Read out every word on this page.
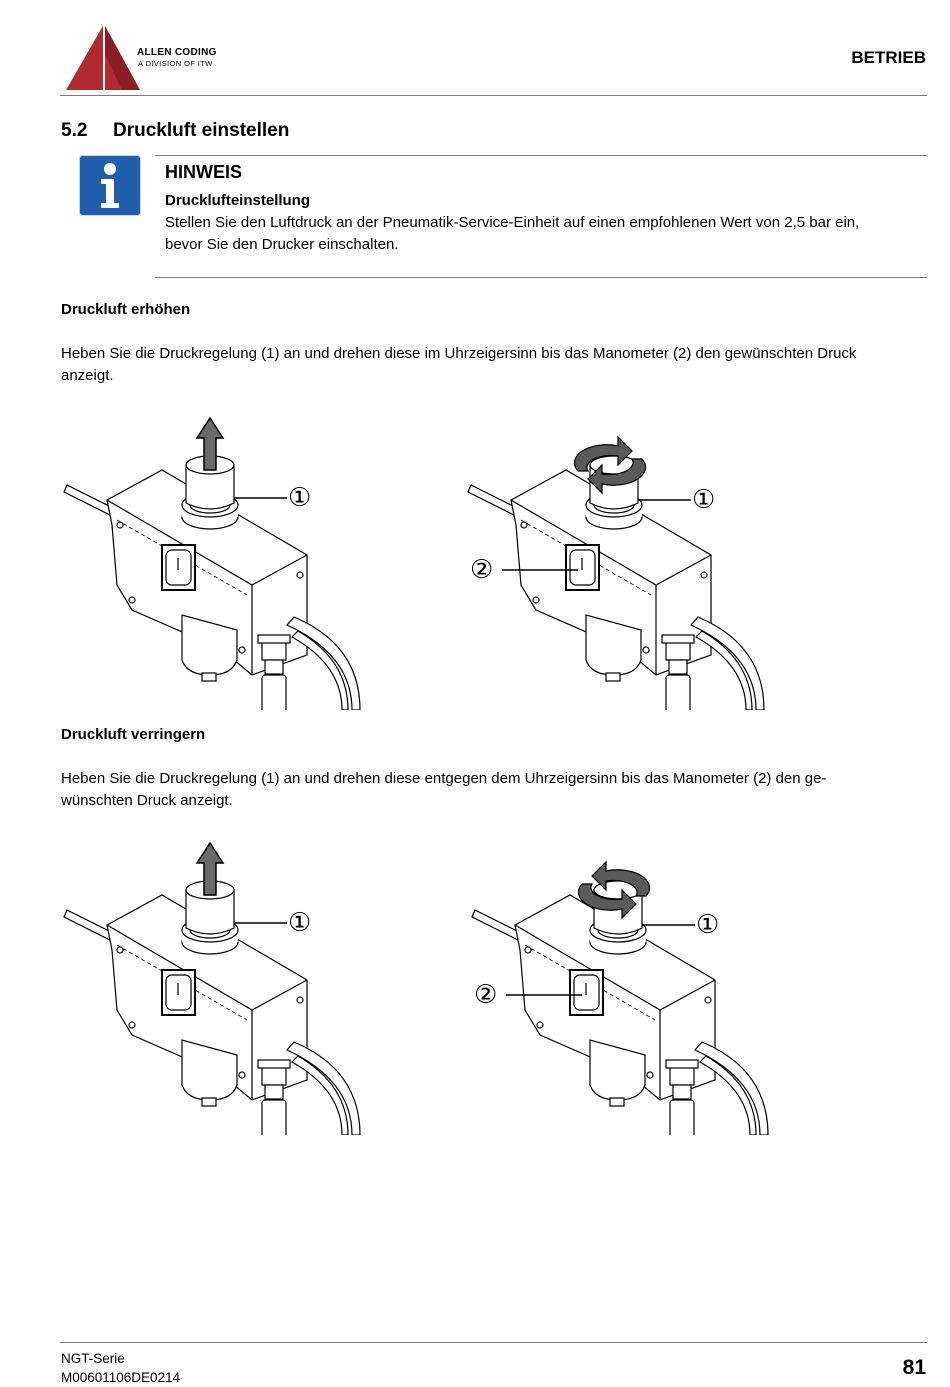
ALLEN CODING
A DIVISION OF ITW	BETRIEB
5.2 Druckluft einstellen
HINWEIS
Drucklufteinstellung
Stellen Sie den Luftdruck an der Pneumatik-Service-Einheit auf einen empfohlenen Wert von 2,5 bar ein,
bevor Sie den Drucker einschalten.
Druckluft erhöhen
Heben Sie die Druckregelung (1) an und drehen diese im Uhrzeigersinn bis das Manometer (2) den gewünschten Druck
anzeigt.
①	①
②
Druckluft verringern
Heben Sie die Druckregelung (1) an und drehen diese entgegen dem Uhrzeigersinn bis das Manometer (2) den ge-
wünschten Druck anzeigt.
①	①
②
NGT-Serie
M00601106DE0214	81
